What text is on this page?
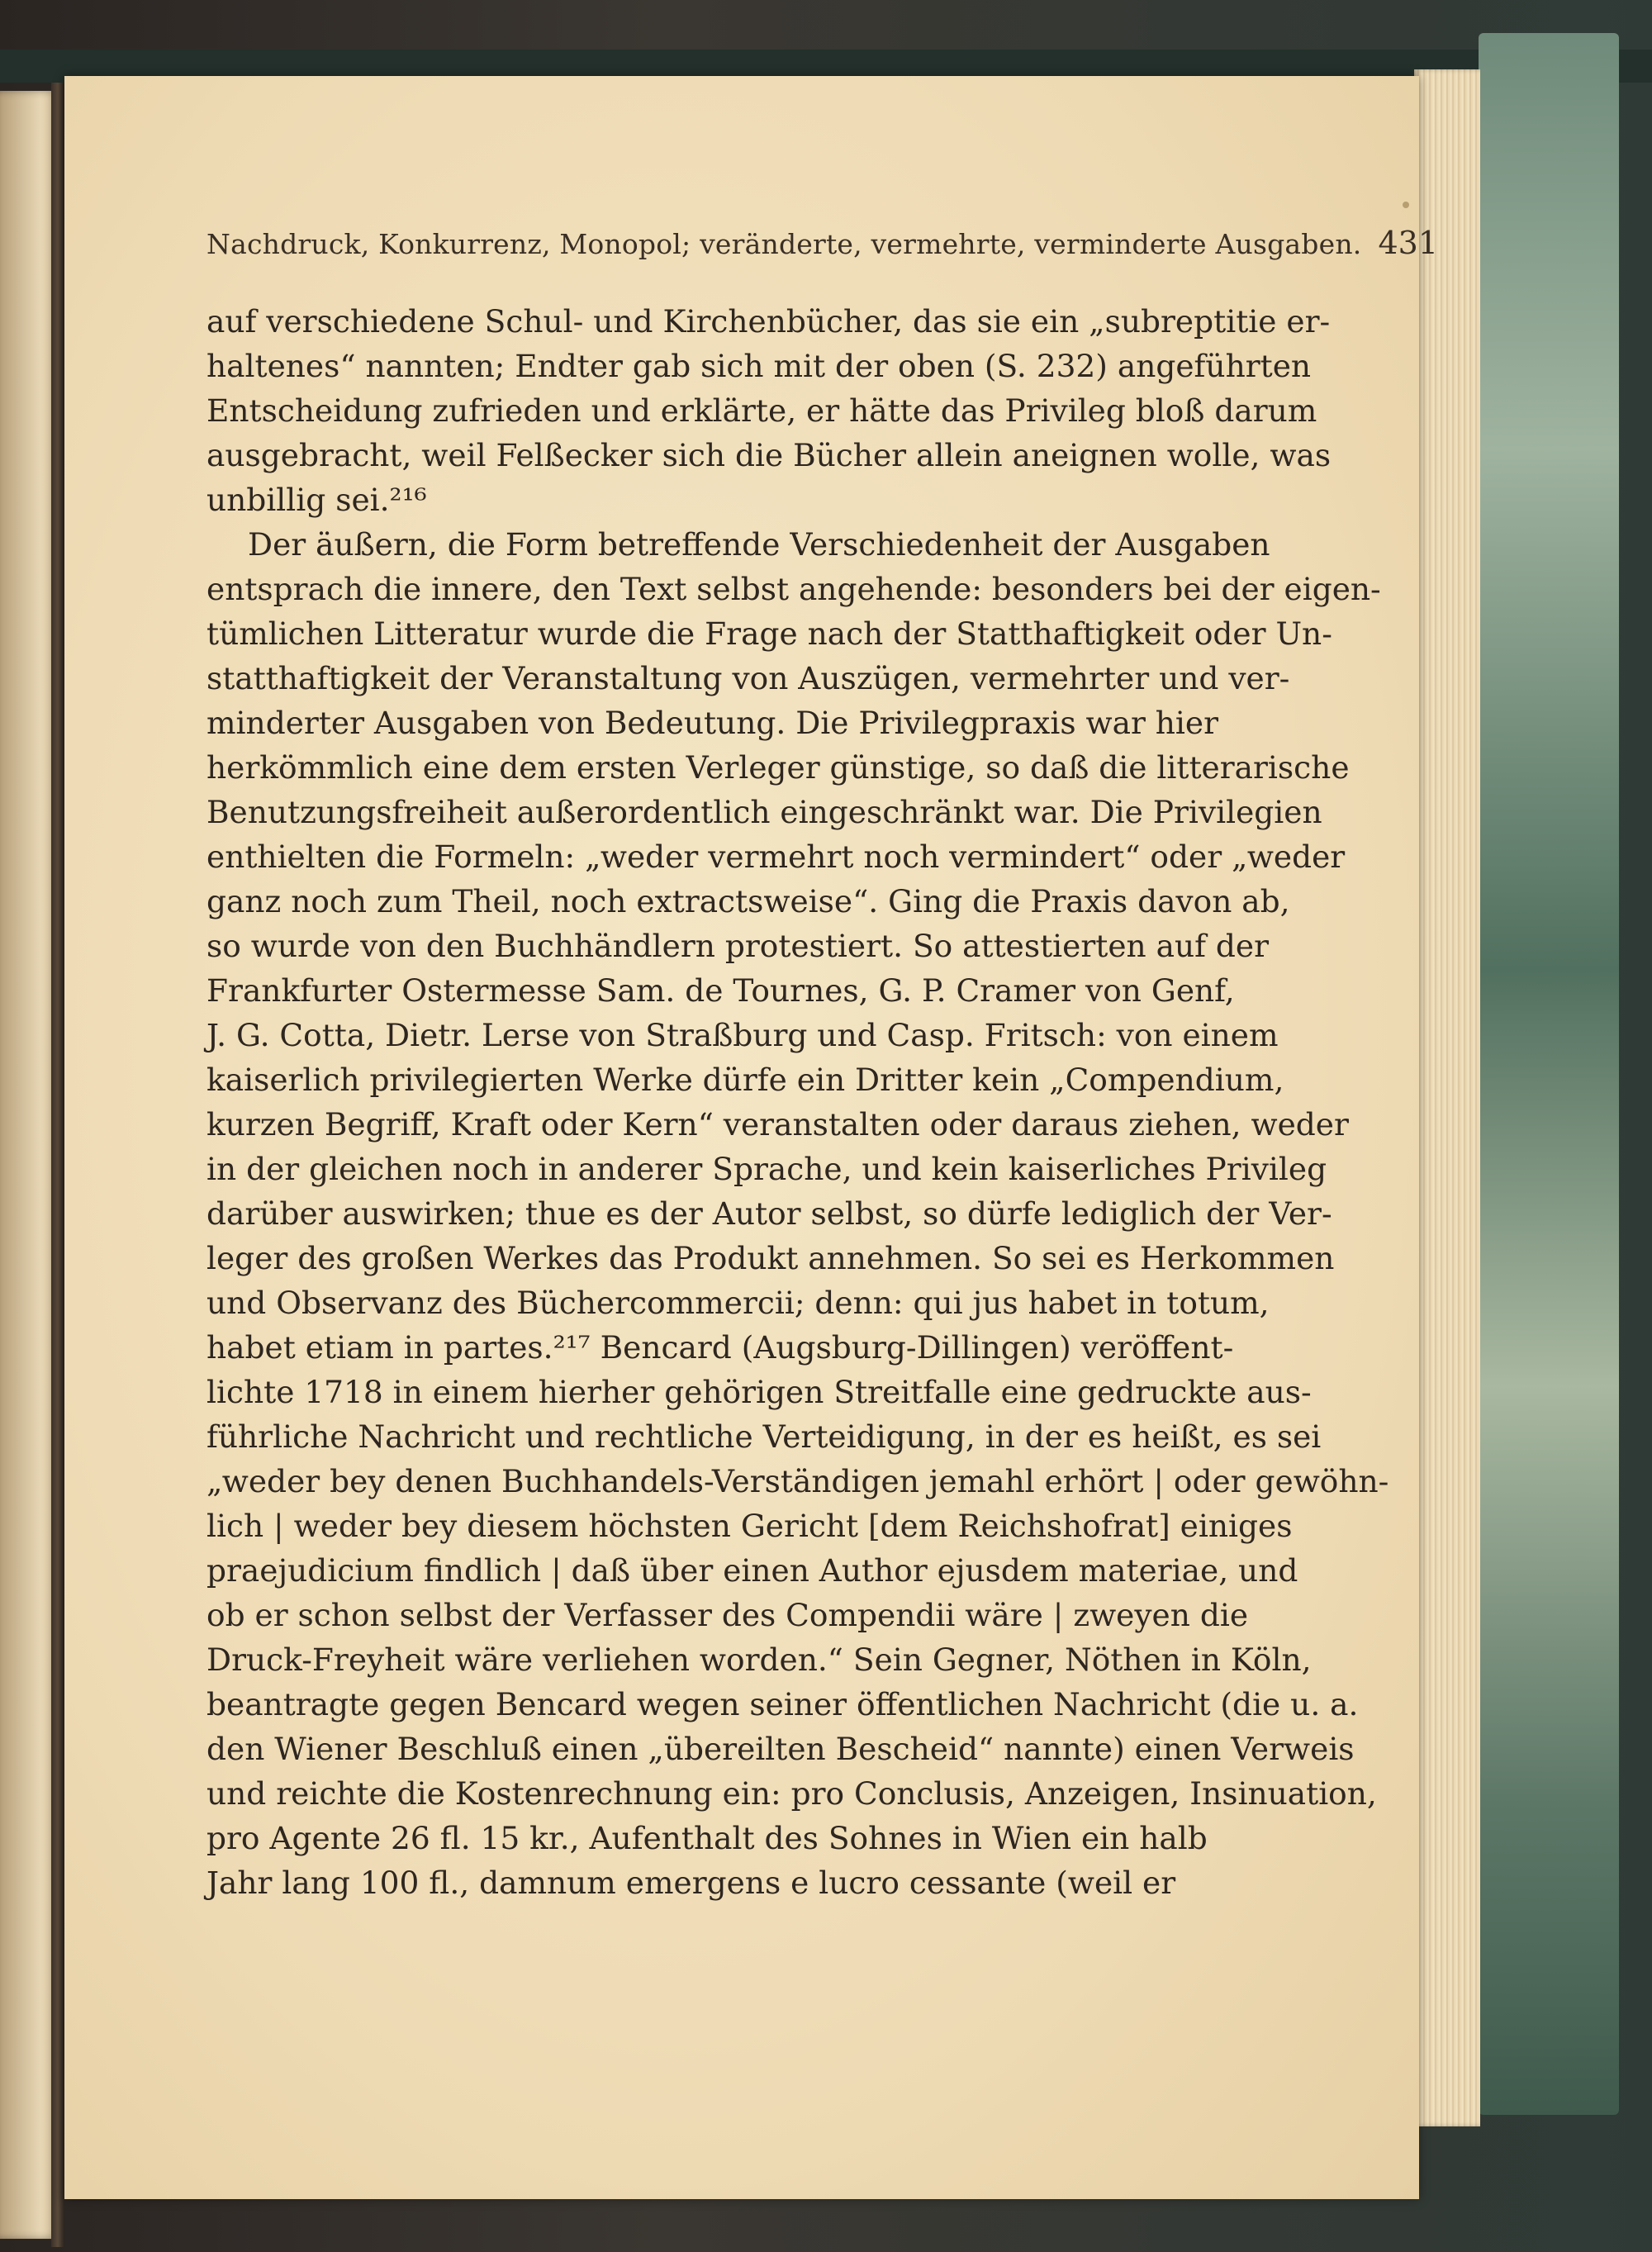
Nachdruck, Konkurrenz, Monopol; veränderte, vermehrte, verminderte Ausgaben. 431
auf verschiedene Schul- und Kirchenbücher, das sie ein „subreptitie er-
haltenes“ nannten; Endter gab sich mit der oben (S. 232) angeführten
Entscheidung zufrieden und erklärte, er hätte das Privileg bloß darum
ausgebracht, weil Felßecker sich die Bücher allein aneignen wolle, was
unbillig sei.²¹⁶
Der äußern, die Form betreffende Verschiedenheit der Ausgaben
entsprach die innere, den Text selbst angehende: besonders bei der eigen-
tümlichen Litteratur wurde die Frage nach der Statthaftigkeit oder Un-
statthaftigkeit der Veranstaltung von Auszügen, vermehrter und ver-
minderter Ausgaben von Bedeutung. Die Privilegpraxis war hier
herkömmlich eine dem ersten Verleger günstige, so daß die litterarische
Benutzungsfreiheit außerordentlich eingeschränkt war. Die Privilegien
enthielten die Formeln: „weder vermehrt noch vermindert“ oder „weder
ganz noch zum Theil, noch extractsweise“. Ging die Praxis davon ab,
so wurde von den Buchhändlern protestiert. So attestierten auf der
Frankfurter Ostermesse Sam. de Tournes, G. P. Cramer von Genf,
J. G. Cotta, Dietr. Lerse von Straßburg und Casp. Fritsch: von einem
kaiserlich privilegierten Werke dürfe ein Dritter kein „Compendium,
kurzen Begriff, Kraft oder Kern“ veranstalten oder daraus ziehen, weder
in der gleichen noch in anderer Sprache, und kein kaiserliches Privileg
darüber auswirken; thue es der Autor selbst, so dürfe lediglich der Ver-
leger des großen Werkes das Produkt annehmen. So sei es Herkommen
und Observanz des Büchercommercii; denn: qui jus habet in totum,
habet etiam in partes.²¹⁷ Bencard (Augsburg-Dillingen) veröffent-
lichte 1718 in einem hierher gehörigen Streitfalle eine gedruckte aus-
führliche Nachricht und rechtliche Verteidigung, in der es heißt, es sei
„weder bey denen Buchhandels-Verständigen jemahl erhört | oder gewöhn-
lich | weder bey diesem höchsten Gericht [dem Reichshofrat] einiges
praejudicium findlich | daß über einen Author ejusdem materiae, und
ob er schon selbst der Verfasser des Compendii wäre | zweyen die
Druck-Freyheit wäre verliehen worden.“ Sein Gegner, Nöthen in Köln,
beantragte gegen Bencard wegen seiner öffentlichen Nachricht (die u. a.
den Wiener Beschluß einen „übereilten Bescheid“ nannte) einen Verweis
und reichte die Kostenrechnung ein: pro Conclusis, Anzeigen, Insinuation,
pro Agente 26 fl. 15 kr., Aufenthalt des Sohnes in Wien ein halb
Jahr lang 100 fl., damnum emergens e lucro cessante (weil er
